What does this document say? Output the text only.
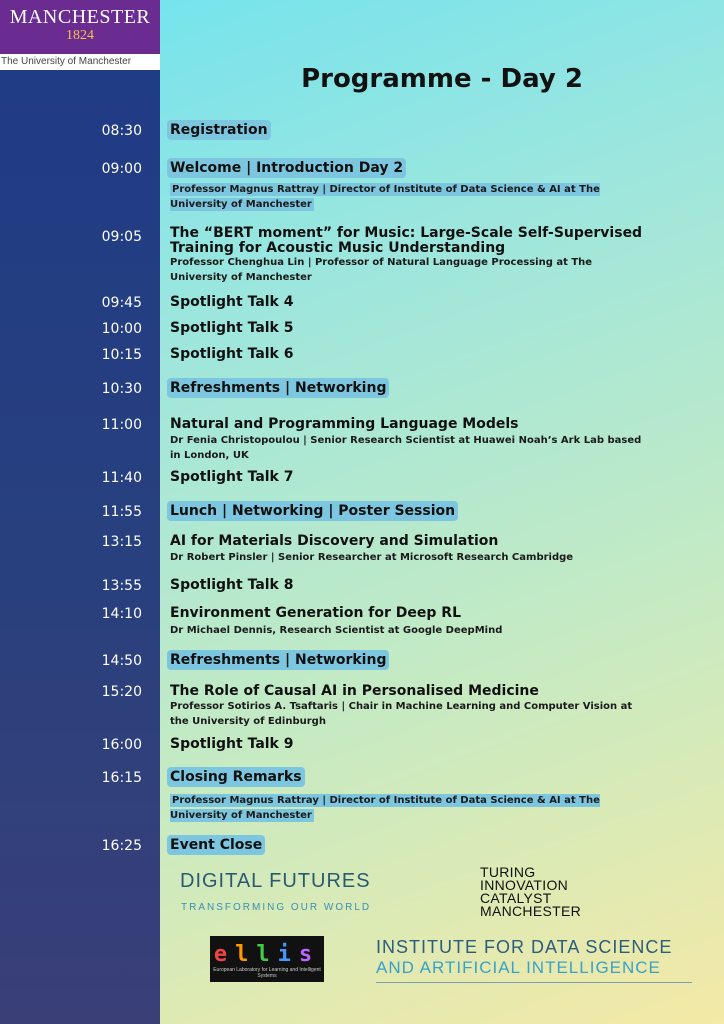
MANCHESTER
1824
The University of Manchester
Programme - Day 2
08:30 Registration
09:00 Welcome | Introduction Day 2
Professor Magnus Rattray | Director of Institute of Data Science & AI at The University of Manchester
09:05 The “BERT moment” for Music: Large-Scale Self-Supervised Training for Acoustic Music Understanding
Professor Chenghua Lin | Professor of Natural Language Processing at The University of Manchester
09:45 Spotlight Talk 4
10:00 Spotlight Talk 5
10:15 Spotlight Talk 6
10:30 Refreshments | Networking
11:00 Natural and Programming Language Models
Dr Fenia Christopoulou | Senior Research Scientist at Huawei Noah’s Ark Lab based in London, UK
11:40 Spotlight Talk 7
11:55 Lunch | Networking | Poster Session
13:15 AI for Materials Discovery and Simulation
Dr Robert Pinsler | Senior Researcher at Microsoft Research Cambridge
13:55 Spotlight Talk 8
14:10 Environment Generation for Deep RL
Dr Michael Dennis, Research Scientist at Google DeepMind
14:50 Refreshments | Networking
15:20 The Role of Causal AI in Personalised Medicine
Professor Sotirios A. Tsaftaris | Chair in Machine Learning and Computer Vision at the University of Edinburgh
16:00 Spotlight Talk 9
16:15 Closing Remarks
Professor Magnus Rattray | Director of Institute of Data Science & AI at The University of Manchester
16:25 Event Close
DIGITAL FUTURES
TRANSFORMING OUR WORLD
TURING
INNOVATION
CATALYST
MANCHESTER
ellis
European Laboratory for Learning and Intelligent Systems
INSTITUTE FOR DATA SCIENCE
AND ARTIFICIAL INTELLIGENCE
